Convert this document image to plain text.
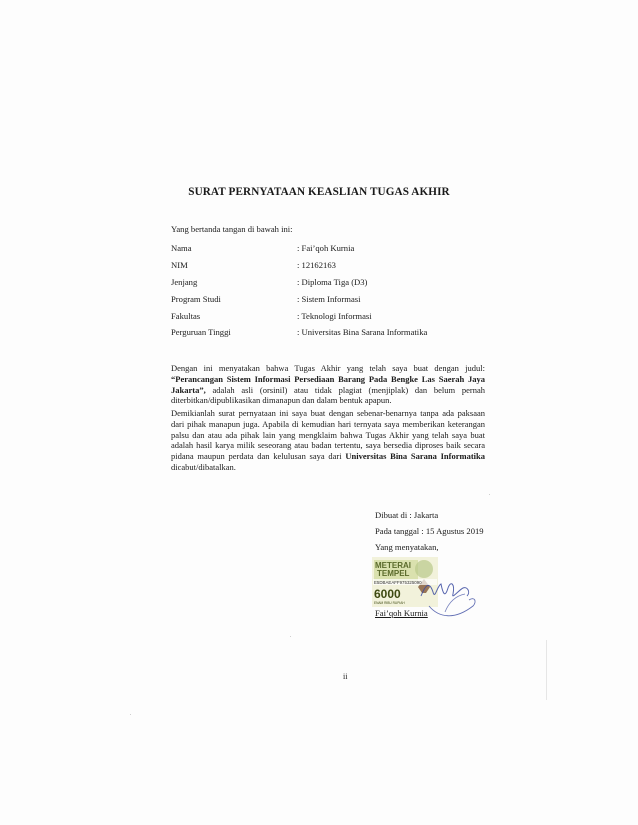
SURAT PERNYATAAN KEASLIAN TUGAS AKHIR
Yang bertanda tangan di bawah ini:
Nama	: Fai’qoh Kurnia
NIM	: 12162163
Jenjang	: Diploma Tiga (D3)
Program Studi	: Sistem Informasi
Fakultas	: Teknologi Informasi
Perguruan Tinggi	: Universitas Bina Sarana Informatika
Dengan ini menyatakan bahwa Tugas Akhir yang telah saya buat dengan judul: “Perancangan Sistem Informasi Persediaan Barang Pada Bengke Las Saerah Jaya Jakarta”, adalah asli (orsinil) atau tidak plagiat (menjiplak) dan belum pernah diterbitkan/dipublikasikan dimanapun dan dalam bentuk apapun.
Demikianlah surat pernyataan ini saya buat dengan sebenar-benarnya tanpa ada paksaan dari pihak manapun juga. Apabila di kemudian hari ternyata saya memberikan keterangan palsu dan atau ada pihak lain yang mengklaim bahwa Tugas Akhir yang telah saya buat adalah hasil karya milik seseorang atau badan tertentu, saya bersedia diproses baik secara pidana maupun perdata dan kelulusan saya dari Universitas Bina Sarana Informatika dicabut/dibatalkan.
Dibuat di : Jakarta
Pada tanggal : 15 Agustus 2019
Yang menyatakan,
METERAI
TEMPEL
E5DBAEAFF975325090
6000
ENAM RIBU RUPIAH
Fai’qoh Kurnia
ii
